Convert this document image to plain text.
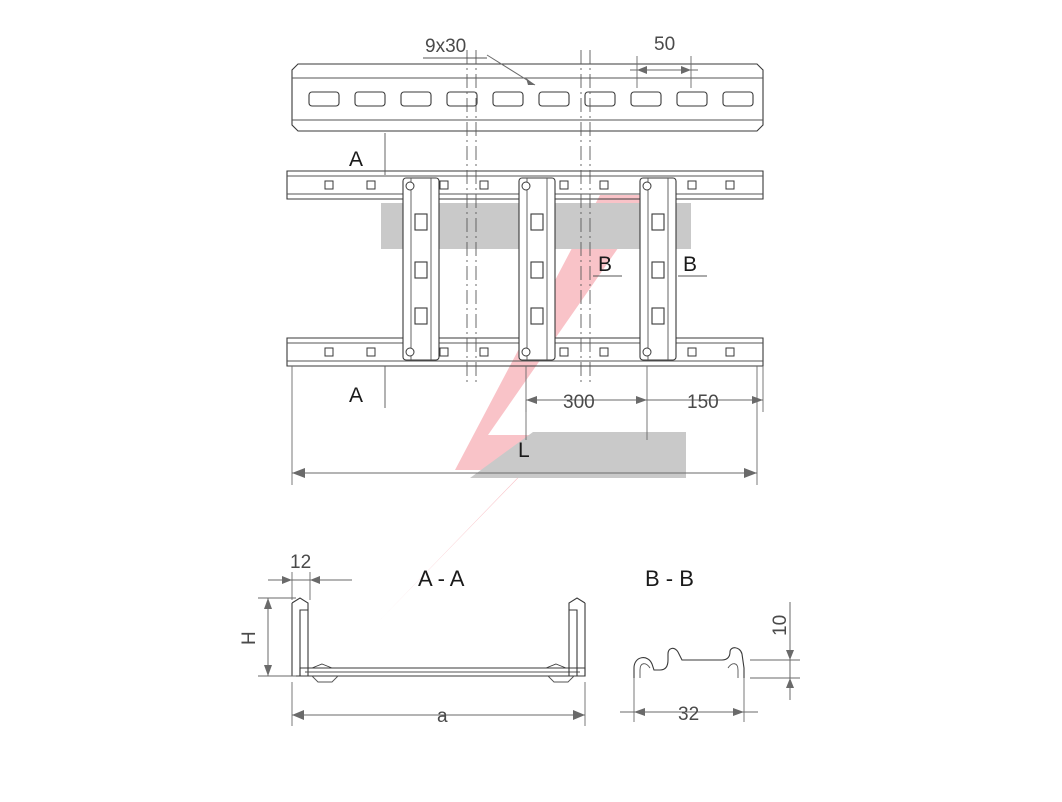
9x30	50
A
A
B	B
300	150
L
A - A
12
H
a
B - B
10
32
